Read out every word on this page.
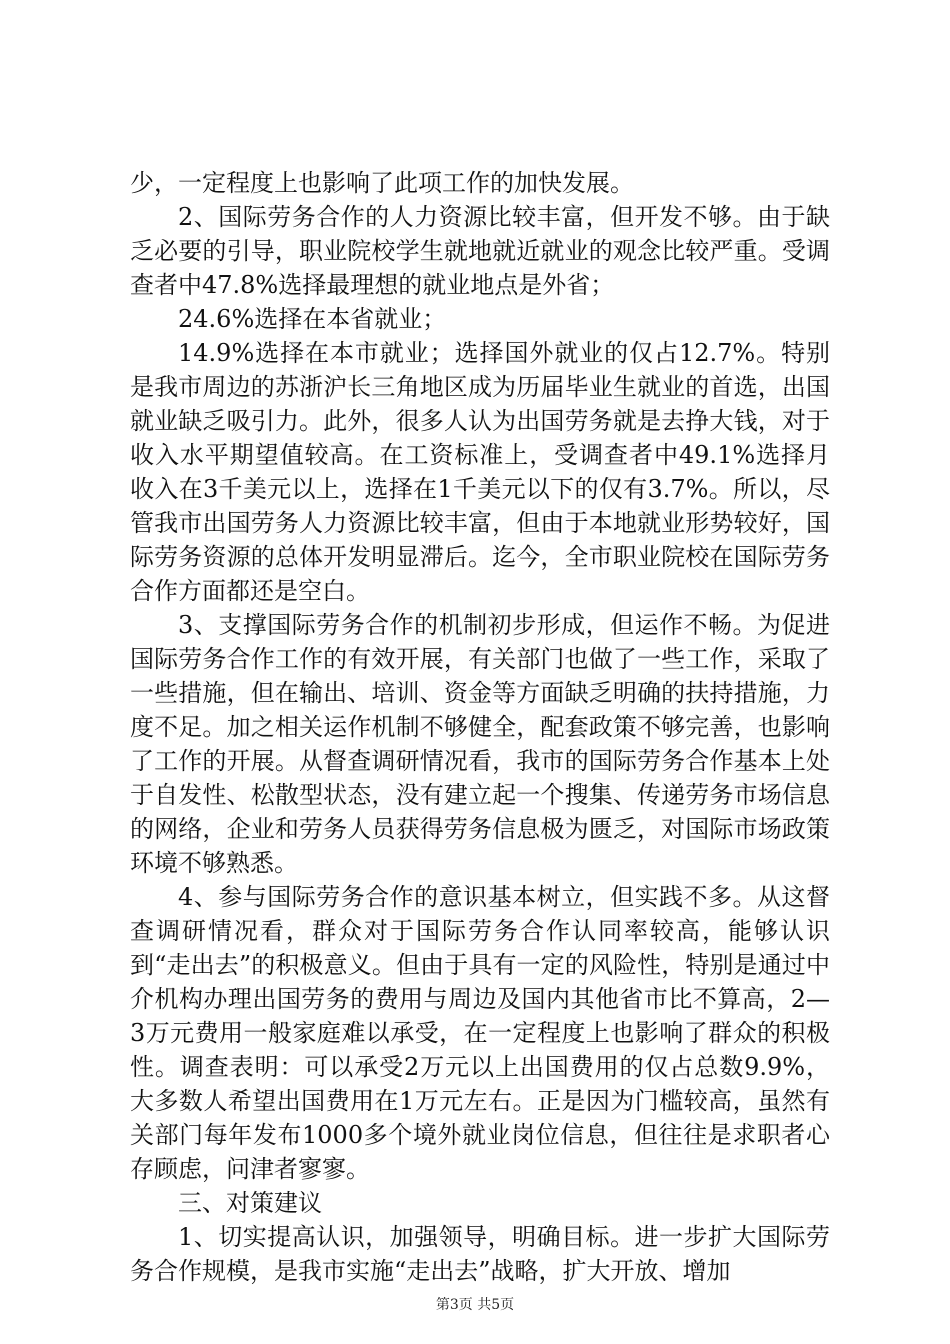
少，一定程度上也影响了此项工作的加快发展。

2、国际劳务合作的人力资源比较丰富，但开发不够。由于缺乏必要的引导，职业院校学生就地就近就业的观念比较严重。受调查者中47.8%选择最理想的就业地点是外省；

24.6%选择在本省就业；

14.9%选择在本市就业；选择国外就业的仅占12.7%。特别是我市周边的苏浙沪长三角地区成为历届毕业生就业的首选，出国就业缺乏吸引力。此外，很多人认为出国劳务就是去挣大钱，对于收入水平期望值较高。在工资标准上，受调查者中49.1%选择月收入在3千美元以上，选择在1千美元以下的仅有3.7%。所以，尽管我市出国劳务人力资源比较丰富，但由于本地就业形势较好，国际劳务资源的总体开发明显滞后。迄今，全市职业院校在国际劳务合作方面都还是空白。

3、支撑国际劳务合作的机制初步形成，但运作不畅。为促进国际劳务合作工作的有效开展，有关部门也做了一些工作，采取了一些措施，但在输出、培训、资金等方面缺乏明确的扶持措施，力度不足。加之相关运作机制不够健全，配套政策不够完善，也影响了工作的开展。从督查调研情况看，我市的国际劳务合作基本上处于自发性、松散型状态，没有建立起一个搜集、传递劳务市场信息的网络，企业和劳务人员获得劳务信息极为匮乏，对国际市场政策环境不够熟悉。

4、参与国际劳务合作的意识基本树立，但实践不多。从这督查调研情况看，群众对于国际劳务合作认同率较高，能够认识到“走出去”的积极意义。但由于具有一定的风险性，特别是通过中介机构办理出国劳务的费用与周边及国内其他省市比不算高，2—3万元费用一般家庭难以承受，在一定程度上也影响了群众的积极性。调查表明：可以承受2万元以上出国费用的仅占总数9.9%，大多数人希望出国费用在1万元左右。正是因为门槛较高，虽然有关部门每年发布1000多个境外就业岗位信息，但往往是求职者心存顾虑，问津者寥寥。

三、对策建议

1、切实提高认识，加强领导，明确目标。进一步扩大国际劳务合作规模，是我市实施“走出去”战略，扩大开放、增加

第3页 共5页
